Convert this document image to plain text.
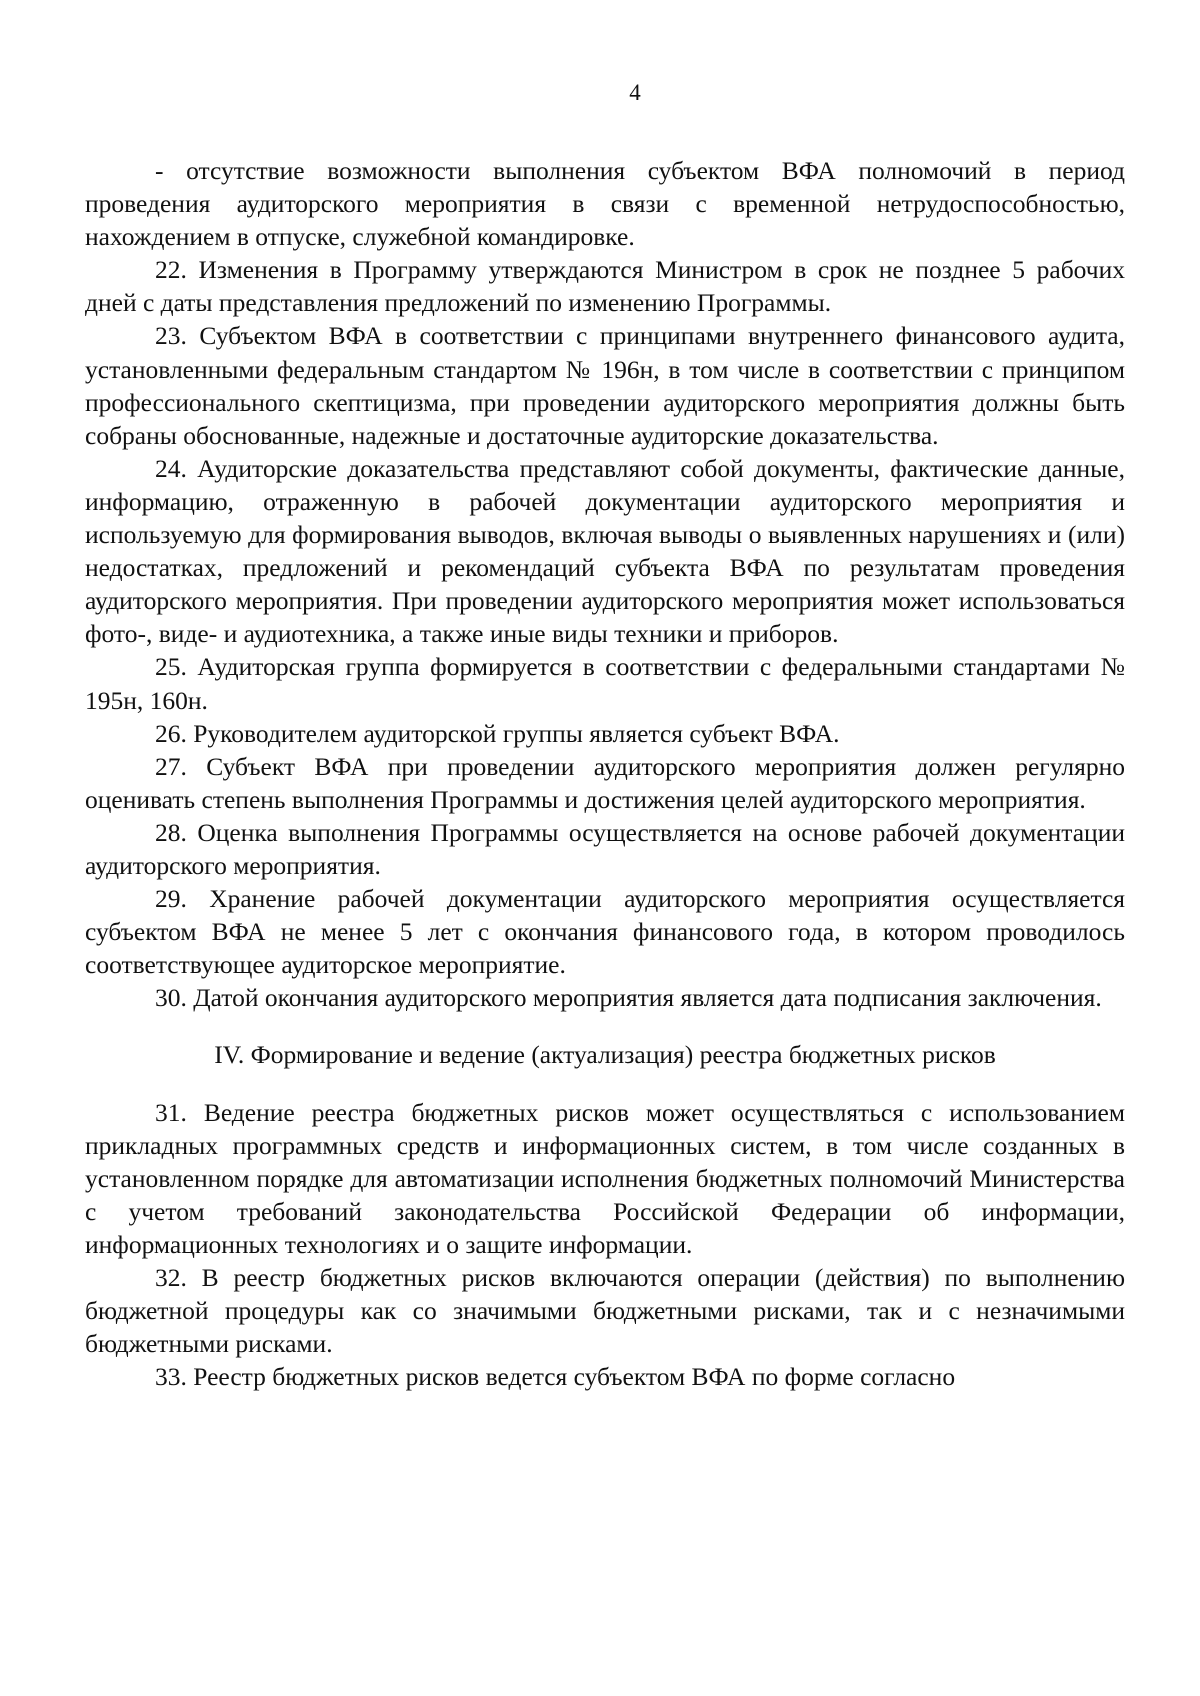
4

- отсутствие возможности выполнения субъектом ВФА полномочий в период проведения аудиторского мероприятия в связи с временной нетрудоспособностью, нахождением в отпуске, служебной командировке.

22. Изменения в Программу утверждаются Министром в срок не позднее 5 рабочих дней с даты представления предложений по изменению Программы.

23. Субъектом ВФА в соответствии с принципами внутреннего финансового аудита, установленными федеральным стандартом № 196н, в том числе в соответствии с принципом профессионального скептицизма, при проведении аудиторского мероприятия должны быть собраны обоснованные, надежные и достаточные аудиторские доказательства.

24. Аудиторские доказательства представляют собой документы, фактические данные, информацию, отраженную в рабочей документации аудиторского мероприятия и используемую для формирования выводов, включая выводы о выявленных нарушениях и (или) недостатках, предложений и рекомендаций субъекта ВФА по результатам проведения аудиторского мероприятия. При проведении аудиторского мероприятия может использоваться фото-, виде- и аудиотехника, а также иные виды техники и приборов.

25. Аудиторская группа формируется в соответствии с федеральными стандартами № 195н, 160н.

26. Руководителем аудиторской группы является субъект ВФА.

27. Субъект ВФА при проведении аудиторского мероприятия должен регулярно оценивать степень выполнения Программы и достижения целей аудиторского мероприятия.

28. Оценка выполнения Программы осуществляется на основе рабочей документации аудиторского мероприятия.

29. Хранение рабочей документации аудиторского мероприятия осуществляется субъектом ВФА не менее 5 лет с окончания финансового года, в котором проводилось соответствующее аудиторское мероприятие.

30. Датой окончания аудиторского мероприятия является дата подписания заключения.

IV. Формирование и ведение (актуализация) реестра бюджетных рисков

31. Ведение реестра бюджетных рисков может осуществляться с использованием прикладных программных средств и информационных систем, в том числе созданных в установленном порядке для автоматизации исполнения бюджетных полномочий Министерства с учетом требований законодательства Российской Федерации об информации, информационных технологиях и о защите информации.

32. В реестр бюджетных рисков включаются операции (действия) по выполнению бюджетной процедуры как со значимыми бюджетными рисками, так и с незначимыми бюджетными рисками.

33. Реестр бюджетных рисков ведется субъектом ВФА по форме согласно
